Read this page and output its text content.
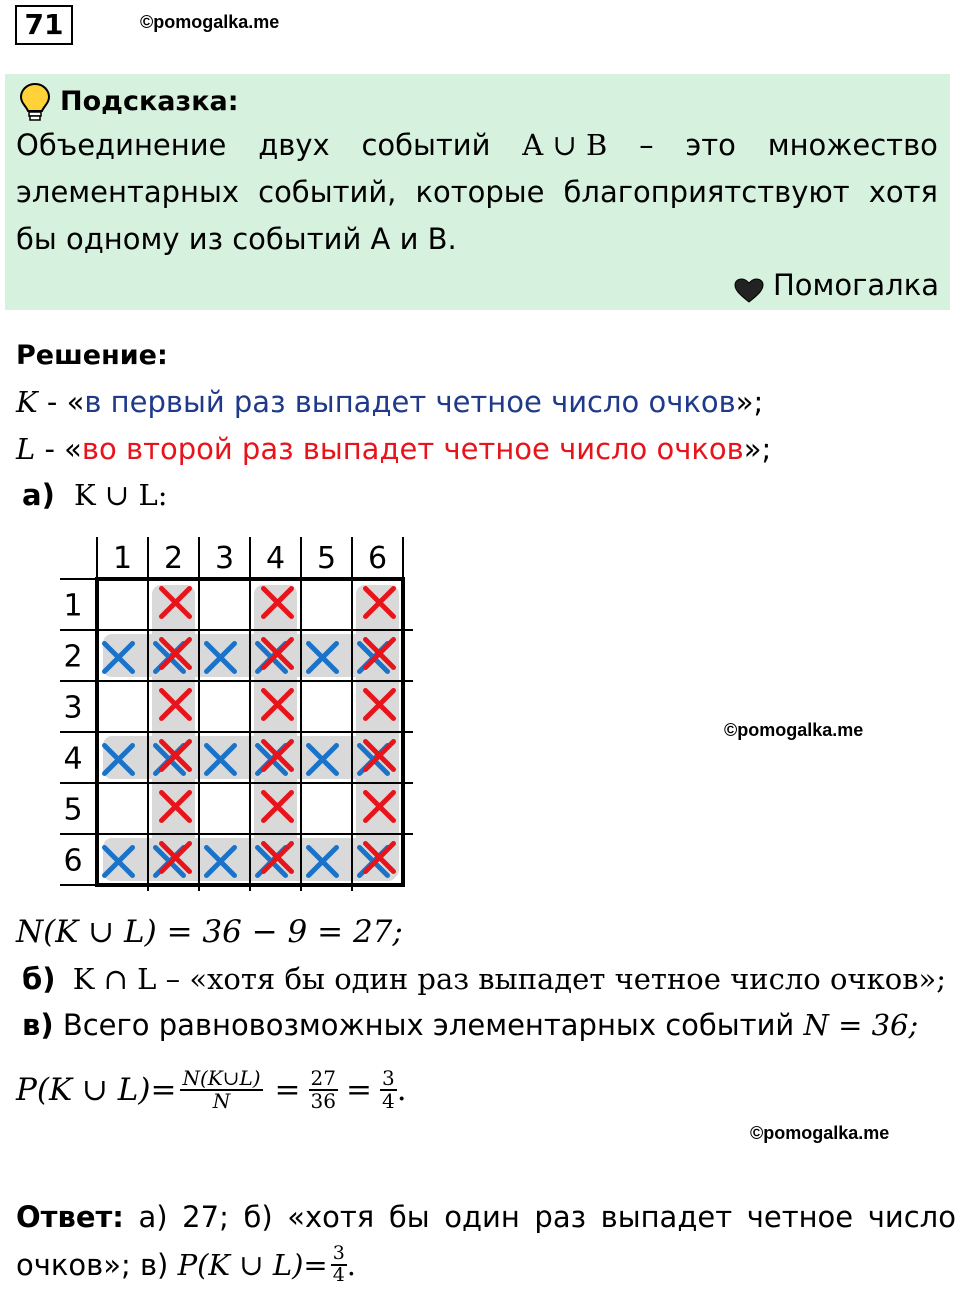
71	©pomogalka.me
Подсказка:
Объединение двух событий A ∪ B – это множество
элементарных событий, которые благоприятствуют хотя
бы одному из событий A и B.
Помогалка
Решение:
K - «в первый раз выпадет четное число очков»;
L - «во второй раз выпадет четное число очков»;
а) K ∪ L:
1 2 3 4 5 6
1
2
3
4
5
6
©pomogalka.me
N(K ∪ L) = 36 − 9 = 27;
б) K ∩ L – «хотя бы один раз выпадет четное число очков»;
в) Всего равновозможных элементарных событий N = 36;
P(K ∪ $L)= \frac{N(K\cup L)}{N} = \frac{27}{36} = \frac{3}{4}$ .
©pomogalka.me
Ответ: а) 27; б) «хотя бы один раз выпадет четное число
очков»; в) P(K ∪ $L)= \frac{3}{4}$ .
